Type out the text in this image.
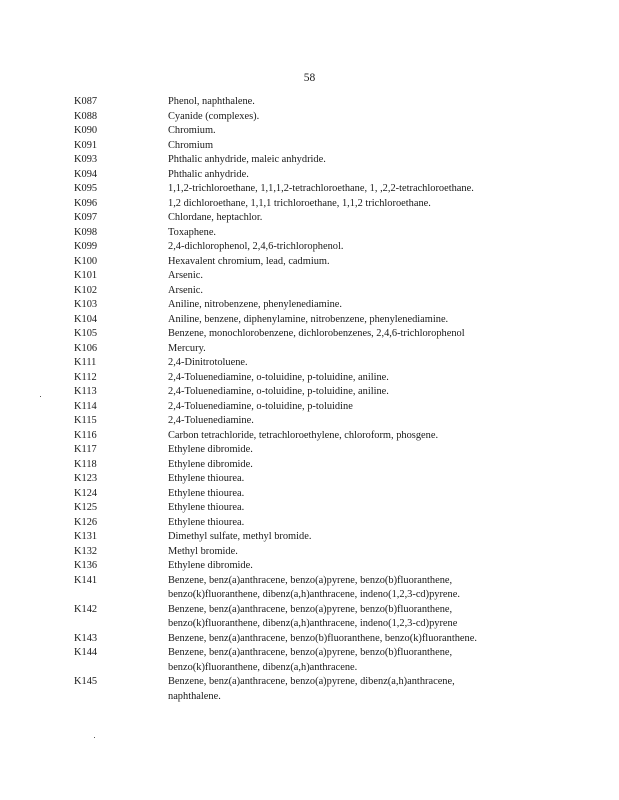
58
K087	Phenol, naphthalene.
K088	Cyanide (complexes).
K090	Chromium.
K091	Chromium
K093	Phthalic anhydride, maleic anhydride.
K094	Phthalic anhydride.
K095	1,1,2-trichloroethane, 1,1,1,2-tetrachloroethane, 1, ,2,2-tetrachloroethane.
K096	1,2 dichloroethane, 1,1,1 trichloroethane, 1,1,2 trichloroethane.
K097	Chlordane, heptachlor.
K098	Toxaphene.
K099	2,4-dichlorophenol, 2,4,6-trichlorophenol.
K100	Hexavalent chromium, lead, cadmium.
K101	Arsenic.
K102	Arsenic.
K103	Aniline, nitrobenzene, phenylenediamine.
K104	Aniline, benzene, diphenylamine, nitrobenzene, phenylenediamine.
K105	Benzene, monochlorobenzene, dichlorobenzenes, 2,4,6-trichlorophenol
K106	Mercury.
K111	2,4-Dinitrotoluene.
K112	2,4-Toluenediamine, o-toluidine, p-toluidine, aniline.
K113	2,4-Toluenediamine, o-toluidine, p-toluidine, aniline.
K114	2,4-Toluenediamine, o-toluidine, p-toluidine
K115	2,4-Toluenediamine.
K116	Carbon tetrachloride, tetrachloroethylene, chloroform, phosgene.
K117	Ethylene dibromide.
K118	Ethylene dibromide.
K123	Ethylene thiourea.
K124	Ethylene thiourea.
K125	Ethylene thiourea.
K126	Ethylene thiourea.
K131	Dimethyl sulfate, methyl bromide.
K132	Methyl bromide.
K136	Ethylene dibromide.
K141	Benzene, benz(a)anthracene, benzo(a)pyrene, benzo(b)fluoranthene,
benzo(k)fluoranthene, dibenz(a,h)anthracene, indeno(1,2,3-cd)pyrene.
K142	Benzene, benz(a)anthracene, benzo(a)pyrene, benzo(b)fluoranthene,
benzo(k)fluoranthene, dibenz(a,h)anthracene, indeno(1,2,3-cd)pyrene
K143	Benzene, benz(a)anthracene, benzo(b)fluoranthene, benzo(k)fluoranthene.
K144	Benzene, benz(a)anthracene, benzo(a)pyrene, benzo(b)fluoranthene,
benzo(k)fluoranthene, dibenz(a,h)anthracene.
K145	Benzene, benz(a)anthracene, benzo(a)pyrene, dibenz(a,h)anthracene,
naphthalene.
